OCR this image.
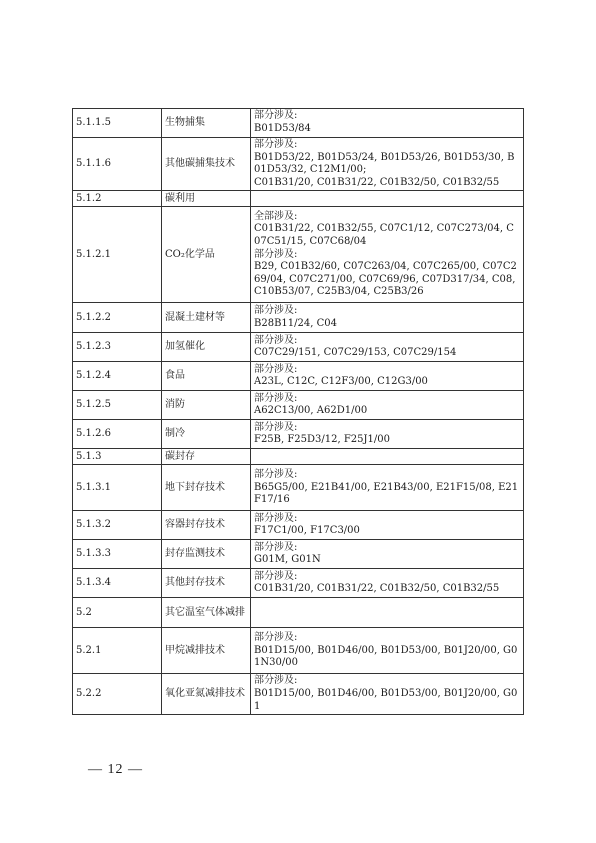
5.1.1.5	生物捕集	部分涉及:
B01D53/84

5.1.1.6	其他碳捕集技术	部分涉及:
B01D53/22, B01D53/24, B01D53/26, B01D53/30, B01D53/32, C12M1/00;
C01B31/20, C01B31/22, C01B32/50, C01B32/55

5.1.2	碳利用	
5.1.2.1	CO₂化学品	全部涉及:
C01B31/22, C01B32/55, C07C1/12, C07C273/04, C07C51/15, C07C68/04
部分涉及:
B29, C01B32/60, C07C263/04, C07C265/00, C07C269/04, C07C271/00, C07C69/96, C07D317/34, C08, C10B53/07, C25B3/04, C25B3/26

5.1.2.2	混凝土建材等	部分涉及:
B28B11/24, C04

5.1.2.3	加氢催化	部分涉及:
C07C29/151, C07C29/153, C07C29/154

5.1.2.4	食品	部分涉及:
A23L, C12C, C12F3/00, C12G3/00

5.1.2.5	消防	部分涉及:
A62C13/00, A62D1/00

5.1.2.6	制冷	部分涉及:
F25B, F25D3/12, F25J1/00

5.1.3	碳封存	
5.1.3.1	地下封存技术	部分涉及:
B65G5/00, E21B41/00, E21B43/00, E21F15/08, E21F17/16

5.1.3.2	容器封存技术	部分涉及:
F17C1/00, F17C3/00

5.1.3.3	封存监测技术	部分涉及:
G01M, G01N

5.1.3.4	其他封存技术	部分涉及:
C01B31/20, C01B31/22, C01B32/50, C01B32/55

5.2	其它温室气体减排	
5.2.1	甲烷减排技术	部分涉及:
B01D15/00, B01D46/00, B01D53/00, B01J20/00, G01N30/00

5.2.2	氧化亚氮减排技术	部分涉及:
B01D15/00, B01D46/00, B01D53/00, B01J20/00, G01
— 12 —
